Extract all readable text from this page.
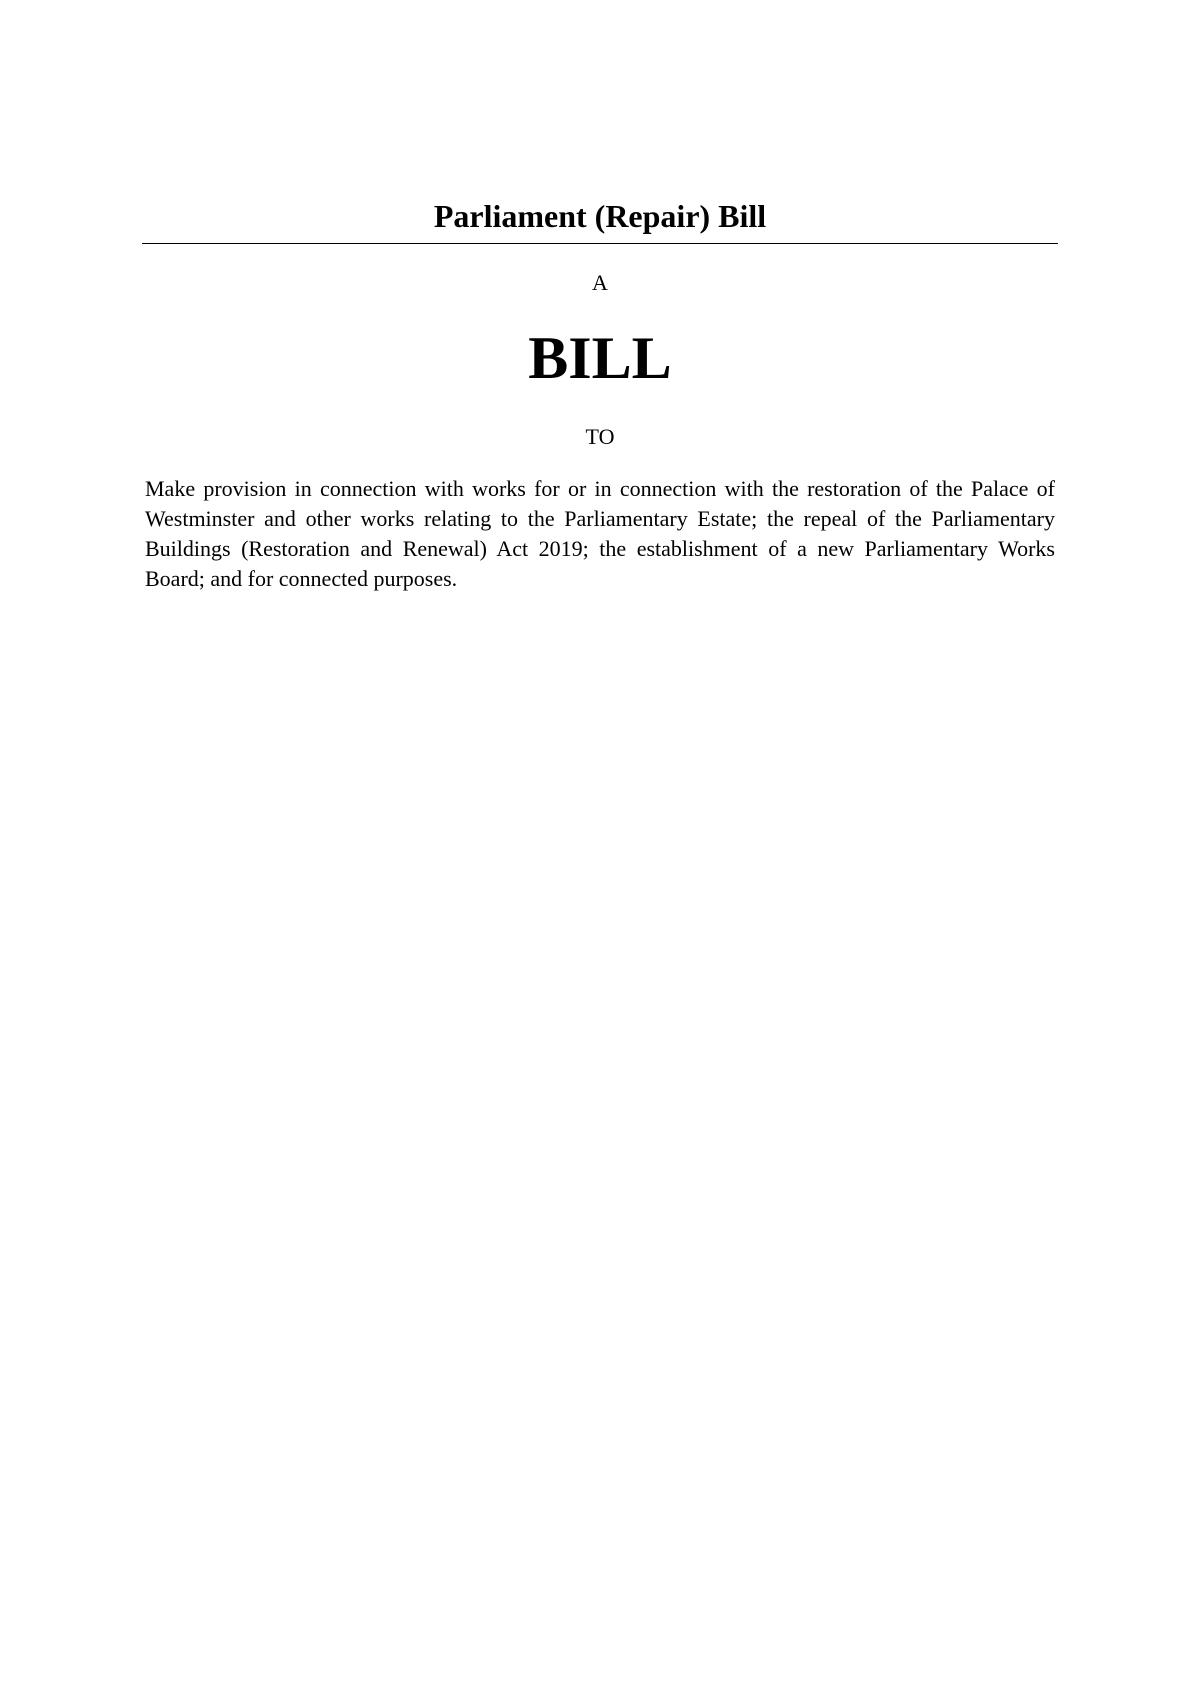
Parliament (Repair) Bill
A
BILL
TO

Make provision in connection with works for or in connection with the restoration of the Palace of Westminster and other works relating to the Parliamentary Estate; the repeal of the Parliamentary Buildings (Restoration and Renewal) Act 2019; the establishment of a new Parliamentary Works Board; and for connected purposes.
